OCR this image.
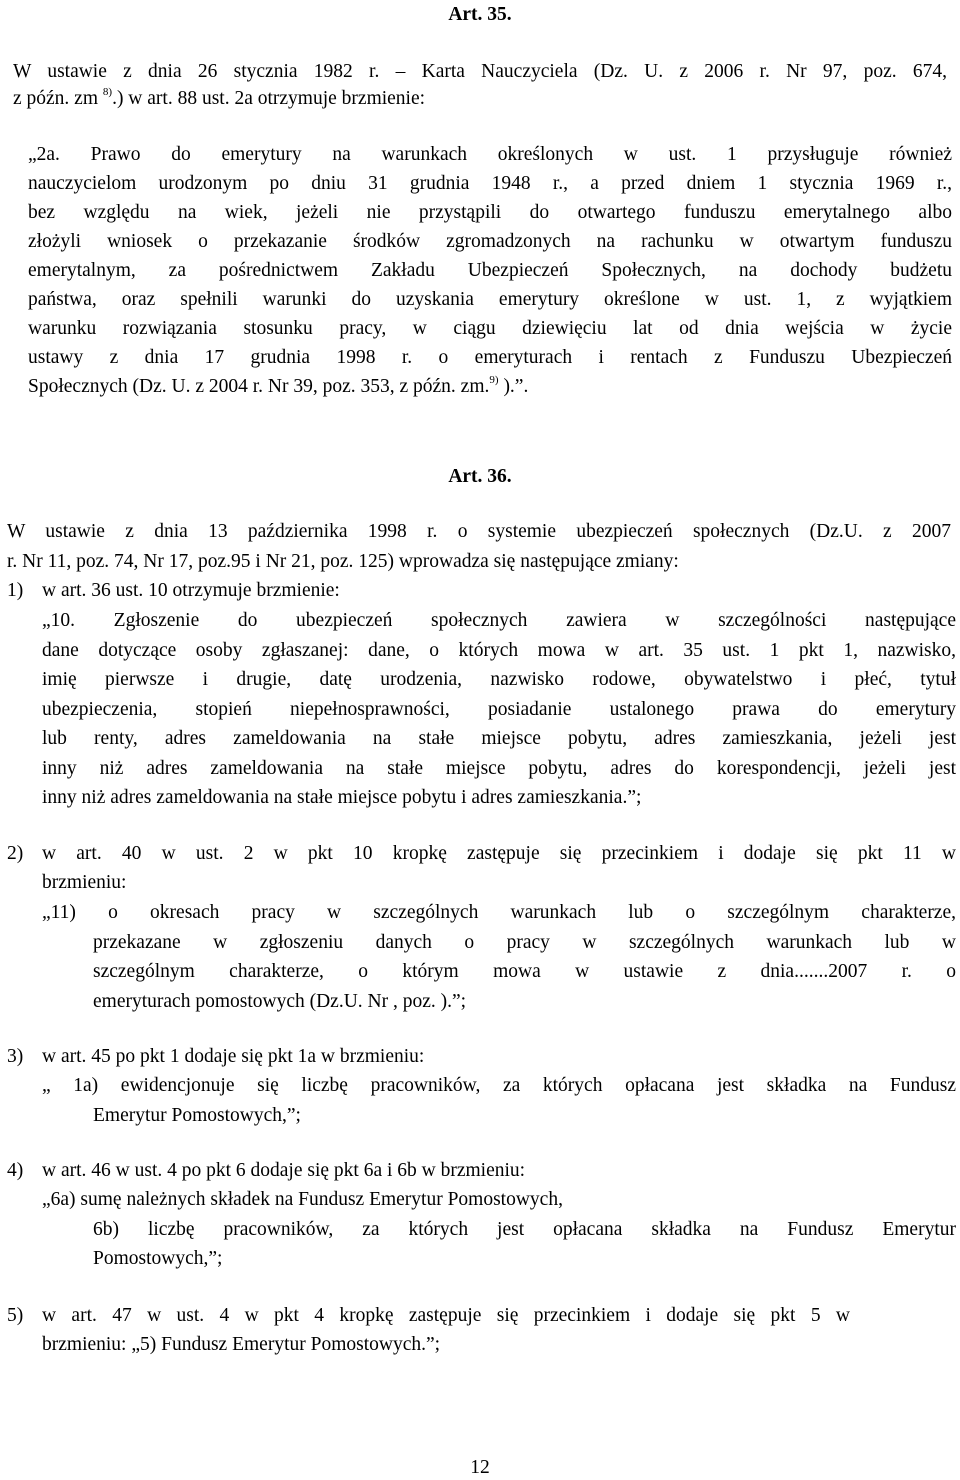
Art. 35.
W ustawie z dnia 26 stycznia 1982 r. – Karta Nauczyciela (Dz. U. z 2006 r. Nr 97, poz. 674,
z późn. zm $^{8)}$.) w art. 88 ust. 2a otrzymuje brzmienie:
„2a. Prawo do emerytury na warunkach określonych w ust. 1 przysługuje również
nauczycielom urodzonym po dniu 31 grudnia 1948 r., a przed dniem 1 stycznia 1969 r.,
bez względu na wiek, jeżeli nie przystąpili do otwartego funduszu emerytalnego albo
złożyli wniosek o przekazanie środków zgromadzonych na rachunku w otwartym funduszu
emerytalnym, za pośrednictwem Zakładu Ubezpieczeń Społecznych, na dochody budżetu
państwa, oraz spełnili warunki do uzyskania emerytury określone w ust. 1, z wyjątkiem
warunku rozwiązania stosunku pracy, w ciągu dziewięciu lat od dnia wejścia w życie
ustawy z dnia 17 grudnia 1998 r. o emeryturach i rentach z Funduszu Ubezpieczeń
Społecznych (Dz. U. z 2004 r. Nr 39, poz. 353, z późn. zm.$^{9)}$ ).”.
Art. 36.
W ustawie z dnia 13 października 1998 r. o systemie ubezpieczeń społecznych (Dz.U. z 2007
r. Nr 11, poz. 74, Nr 17, poz.95 i Nr 21, poz. 125) wprowadza się następujące zmiany:
1) w art. 36 ust. 10 otrzymuje brzmienie:
„10. Zgłoszenie do ubezpieczeń społecznych zawiera w szczególności następujące
dane dotyczące osoby zgłaszanej: dane, o których mowa w art. 35 ust. 1 pkt 1, nazwisko,
imię pierwsze i drugie, datę urodzenia, nazwisko rodowe, obywatelstwo i płeć, tytuł
ubezpieczenia, stopień niepełnosprawności, posiadanie ustalonego prawa do emerytury
lub renty, adres zameldowania na stałe miejsce pobytu, adres zamieszkania, jeżeli jest
inny niż adres zameldowania na stałe miejsce pobytu, adres do korespondencji, jeżeli jest
inny niż adres zameldowania na stałe miejsce pobytu i adres zamieszkania.”;
2) w art. 40 w ust. 2 w pkt 10 kropkę zastępuje się przecinkiem i dodaje się pkt 11 w
brzmieniu:
„11) o okresach pracy w szczególnych warunkach lub o szczególnym charakterze,
przekazane w zgłoszeniu danych o pracy w szczególnych warunkach lub w
szczególnym charakterze, o którym mowa w ustawie z dnia.......2007 r. o
emeryturach pomostowych (Dz.U. Nr , poz. ).”;
3) w art. 45 po pkt 1 dodaje się pkt 1a w brzmieniu:
„ 1a) ewidencjonuje się liczbę pracowników, za których opłacana jest składka na Fundusz
Emerytur Pomostowych,”;
4) w art. 46 w ust. 4 po pkt 6 dodaje się pkt 6a i 6b w brzmieniu:
„6a) sumę należnych składek na Fundusz Emerytur Pomostowych,
6b) liczbę pracowników, za których jest opłacana składka na Fundusz Emerytur
Pomostowych,”;
5) w art. 47 w ust. 4 w pkt 4 kropkę zastępuje się przecinkiem i dodaje się pkt 5 w
brzmieniu: „5) Fundusz Emerytur Pomostowych.”;
12
